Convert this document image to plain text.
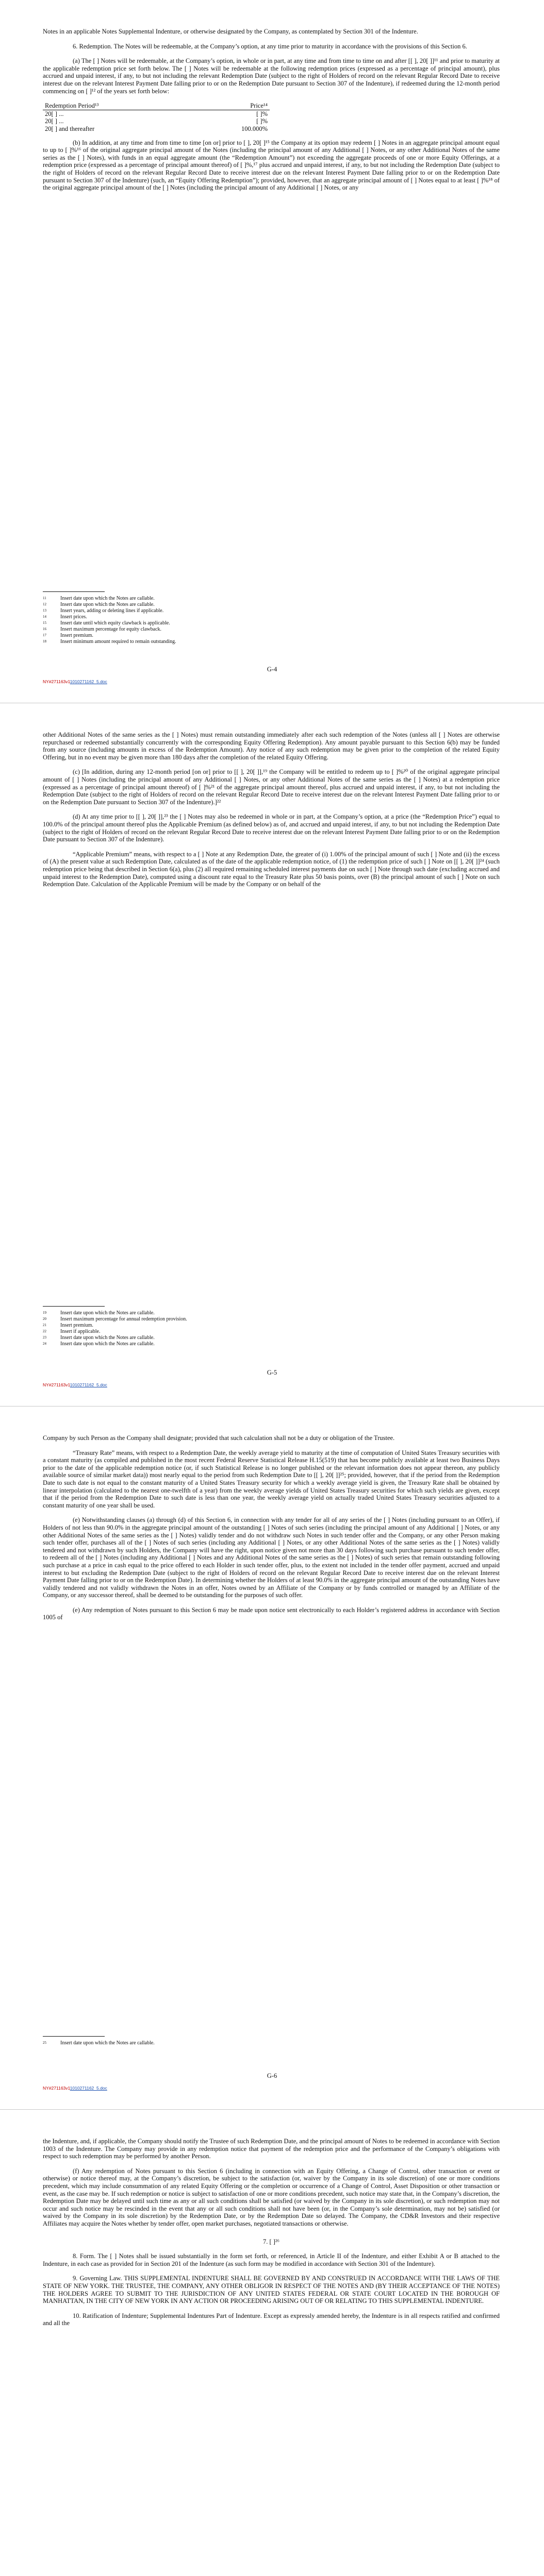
Notes in an applicable Notes Supplemental Indenture, or otherwise designated by the Company, as contemplated by Section 301 of the Indenture.

6. Redemption. The Notes will be redeemable, at the Company’s option, at any time prior to maturity in accordance with the provisions of this Section 6.

(a) The [ ] Notes will be redeemable, at the Company’s option, in whole or in part, at any time and from time to time on and after [[ ], 20[ ]]¹¹ and prior to maturity at the applicable redemption price set forth below. The [ ] Notes will be redeemable at the following redemption prices (expressed as a percentage of principal amount), plus accrued and unpaid interest, if any, to but not including the relevant Redemption Date (subject to the right of Holders of record on the relevant Regular Record Date to receive interest due on the relevant Interest Payment Date falling prior to or on the Redemption Date pursuant to Section 307 of the Indenture), if redeemed during the 12-month period commencing on [ ]¹² of the years set forth below:

Redemption Period¹³	Price¹⁴
20[ ] ...	[ ]%
20[ ] ...	[ ]%
20[ ] and thereafter	100.000%

(b) In addition, at any time and from time to time [on or] prior to [ ], 20[ ]¹⁵ the Company at its option may redeem [ ] Notes in an aggregate principal amount equal to up to [ ]%¹⁶ of the original aggregate principal amount of the Notes (including the principal amount of any Additional [ ] Notes, or any other Additional Notes of the same series as the [ ] Notes), with funds in an equal aggregate amount (the “Redemption Amount”) not exceeding the aggregate proceeds of one or more Equity Offerings, at a redemption price (expressed as a percentage of principal amount thereof) of [ ]%,¹⁷ plus accrued and unpaid interest, if any, to but not including the Redemption Date (subject to the right of Holders of record on the relevant Regular Record Date to receive interest due on the relevant Interest Payment Date falling prior to or on the Redemption Date pursuant to Section 307 of the Indenture) (such, an “Equity Offering Redemption”); provided, however, that an aggregate principal amount of [ ] Notes equal to at least [ ]%¹⁸ of the original aggregate principal amount of the [ ] Notes (including the principal amount of any Additional [ ] Notes, or any

11	Insert date upon which the Notes are callable.
12	Insert date upon which the Notes are callable.
13	Insert years, adding or deleting lines if applicable.
14	Insert prices.
15	Insert date until which equity clawback is applicable.
16	Insert maximum percentage for equity clawback.
17	Insert premium.
18	Insert minimum amount required to remain outstanding.
G-4
NY#271163v11010271162_5.doc

other Additional Notes of the same series as the [ ] Notes) must remain outstanding immediately after each such redemption of the Notes (unless all [ ] Notes are otherwise repurchased or redeemed substantially concurrently with the corresponding Equity Offering Redemption). Any amount payable pursuant to this Section 6(b) may be funded from any source (including amounts in excess of the Redemption Amount). Any notice of any such redemption may be given prior to the completion of the related Equity Offering, but in no event may be given more than 180 days after the completion of the related Equity Offering.

(c) [In addition, during any 12-month period [on or] prior to [[ ], 20[ ]],¹⁹ the Company will be entitled to redeem up to [ ]%²⁰ of the original aggregate principal amount of [ ] Notes (including the principal amount of any Additional [ ] Notes, or any other Additional Notes of the same series as the [ ] Notes) at a redemption price (expressed as a percentage of principal amount thereof) of [ ]%²¹ of the aggregate principal amount thereof, plus accrued and unpaid interest, if any, to but not including the Redemption Date (subject to the right of Holders of record on the relevant Regular Record Date to receive interest due on the relevant Interest Payment Date falling prior to or on the Redemption Date pursuant to Section 307 of the Indenture).]²²

(d) At any time prior to [[ ], 20[ ]],²³ the [ ] Notes may also be redeemed in whole or in part, at the Company’s option, at a price (the “Redemption Price”) equal to 100.0% of the principal amount thereof plus the Applicable Premium (as defined below) as of, and accrued and unpaid interest, if any, to but not including the Redemption Date (subject to the right of Holders of record on the relevant Regular Record Date to receive interest due on the relevant Interest Payment Date falling prior to or on the Redemption Date pursuant to Section 307 of the Indenture).

“Applicable Premium” means, with respect to a [ ] Note at any Redemption Date, the greater of (i) 1.00% of the principal amount of such [ ] Note and (ii) the excess of (A) the present value at such Redemption Date, calculated as of the date of the applicable redemption notice, of (1) the redemption price of such [ ] Note on [[ ], 20[ ]]²⁴ (such redemption price being that described in Section 6(a), plus (2) all required remaining scheduled interest payments due on such [ ] Note through such date (excluding accrued and unpaid interest to the Redemption Date), computed using a discount rate equal to the Treasury Rate plus 50 basis points, over (B) the principal amount of such [ ] Note on such Redemption Date. Calculation of the Applicable Premium will be made by the Company or on behalf of the

19	Insert date upon which the Notes are callable.
20	Insert maximum percentage for annual redemption provision.
21	Insert premium.
22	Insert if applicable.
23	Insert date upon which the Notes are callable.
24	Insert date upon which the Notes are callable.
G-5
NY#271163v11010271162_5.doc

Company by such Person as the Company shall designate; provided that such calculation shall not be a duty or obligation of the Trustee.

“Treasury Rate” means, with respect to a Redemption Date, the weekly average yield to maturity at the time of computation of United States Treasury securities with a constant maturity (as compiled and published in the most recent Federal Reserve Statistical Release H.15(519) that has become publicly available at least two Business Days prior to the date of the applicable redemption notice (or, if such Statistical Release is no longer published or the relevant information does not appear thereon, any publicly available source of similar market data)) most nearly equal to the period from such Redemption Date to [[ ], 20[ ]]²⁵; provided, however, that if the period from the Redemption Date to such date is not equal to the constant maturity of a United States Treasury security for which a weekly average yield is given, the Treasury Rate shall be obtained by linear interpolation (calculated to the nearest one-twelfth of a year) from the weekly average yields of United States Treasury securities for which such yields are given, except that if the period from the Redemption Date to such date is less than one year, the weekly average yield on actually traded United States Treasury securities adjusted to a constant maturity of one year shall be used.

(e) Notwithstanding clauses (a) through (d) of this Section 6, in connection with any tender for all of any series of the [ ] Notes (including pursuant to an Offer), if Holders of not less than 90.0% in the aggregate principal amount of the outstanding [ ] Notes of such series (including the principal amount of any Additional [ ] Notes, or any other Additional Notes of the same series as the [ ] Notes) validly tender and do not withdraw such Notes in such tender offer and the Company, or any other Person making such tender offer, purchases all of the [ ] Notes of such series (including any Additional [ ] Notes, or any other Additional Notes of the same series as the [ ] Notes) validly tendered and not withdrawn by such Holders, the Company will have the right, upon notice given not more than 30 days following such purchase pursuant to such tender offer, to redeem all of the [ ] Notes (including any Additional [ ] Notes and any Additional Notes of the same series as the [ ] Notes) of such series that remain outstanding following such purchase at a price in cash equal to the price offered to each Holder in such tender offer, plus, to the extent not included in the tender offer payment, accrued and unpaid interest to but excluding the Redemption Date (subject to the right of Holders of record on the relevant Regular Record Date to receive interest due on the relevant Interest Payment Date falling prior to or on the Redemption Date). In determining whether the Holders of at least 90.0% in the aggregate principal amount of the outstanding Notes have validly tendered and not validly withdrawn the Notes in an offer, Notes owned by an Affiliate of the Company or by funds controlled or managed by an Affiliate of the Company, or any successor thereof, shall be deemed to be outstanding for the purposes of such offer.

(e) Any redemption of Notes pursuant to this Section 6 may be made upon notice sent electronically to each Holder’s registered address in accordance with Section 1005 of

25	Insert date upon which the Notes are callable.
G-6
NY#271163v11010271162_5.doc

the Indenture, and, if applicable, the Company should notify the Trustee of such Redemption Date, and the principal amount of Notes to be redeemed in accordance with Section 1003 of the Indenture. The Company may provide in any redemption notice that payment of the redemption price and the performance of the Company’s obligations with respect to such redemption may be performed by another Person.

(f) Any redemption of Notes pursuant to this Section 6 (including in connection with an Equity Offering, a Change of Control, other transaction or event or otherwise) or notice thereof may, at the Company’s discretion, be subject to the satisfaction (or, waiver by the Company in its sole discretion) of one or more conditions precedent, which may include consummation of any related Equity Offering or the completion or occurrence of a Change of Control, Asset Disposition or other transaction or event, as the case may be. If such redemption or notice is subject to satisfaction of one or more conditions precedent, such notice may state that, in the Company’s discretion, the Redemption Date may be delayed until such time as any or all such conditions shall be satisfied (or waived by the Company in its sole discretion), or such redemption may not occur and such notice may be rescinded in the event that any or all such conditions shall not have been (or, in the Company’s sole determination, may not be) satisfied (or waived by the Company in its sole discretion) by the Redemption Date, or by the Redemption Date so delayed. The Company, the CD&R Investors and their respective Affiliates may acquire the Notes whether by tender offer, open market purchases, negotiated transactions or otherwise.

7. [ ]²⁶

8. Form. The [ ] Notes shall be issued substantially in the form set forth, or referenced, in Article II of the Indenture, and either Exhibit A or B attached to the Indenture, in each case as provided for in Section 201 of the Indenture (as such form may be modified in accordance with Section 301 of the Indenture).

9. Governing Law. THIS SUPPLEMENTAL INDENTURE SHALL BE GOVERNED BY AND CONSTRUED IN ACCORDANCE WITH THE LAWS OF THE STATE OF NEW YORK. THE TRUSTEE, THE COMPANY, ANY OTHER OBLIGOR IN RESPECT OF THE NOTES AND (BY THEIR ACCEPTANCE OF THE NOTES) THE HOLDERS AGREE TO SUBMIT TO THE JURISDICTION OF ANY UNITED STATES FEDERAL OR STATE COURT LOCATED IN THE BOROUGH OF MANHATTAN, IN THE CITY OF NEW YORK IN ANY ACTION OR PROCEEDING ARISING OUT OF OR RELATING TO THIS SUPPLEMENTAL INDENTURE.

10. Ratification of Indenture; Supplemental Indentures Part of Indenture. Except as expressly amended hereby, the Indenture is in all respects ratified and confirmed and all the
